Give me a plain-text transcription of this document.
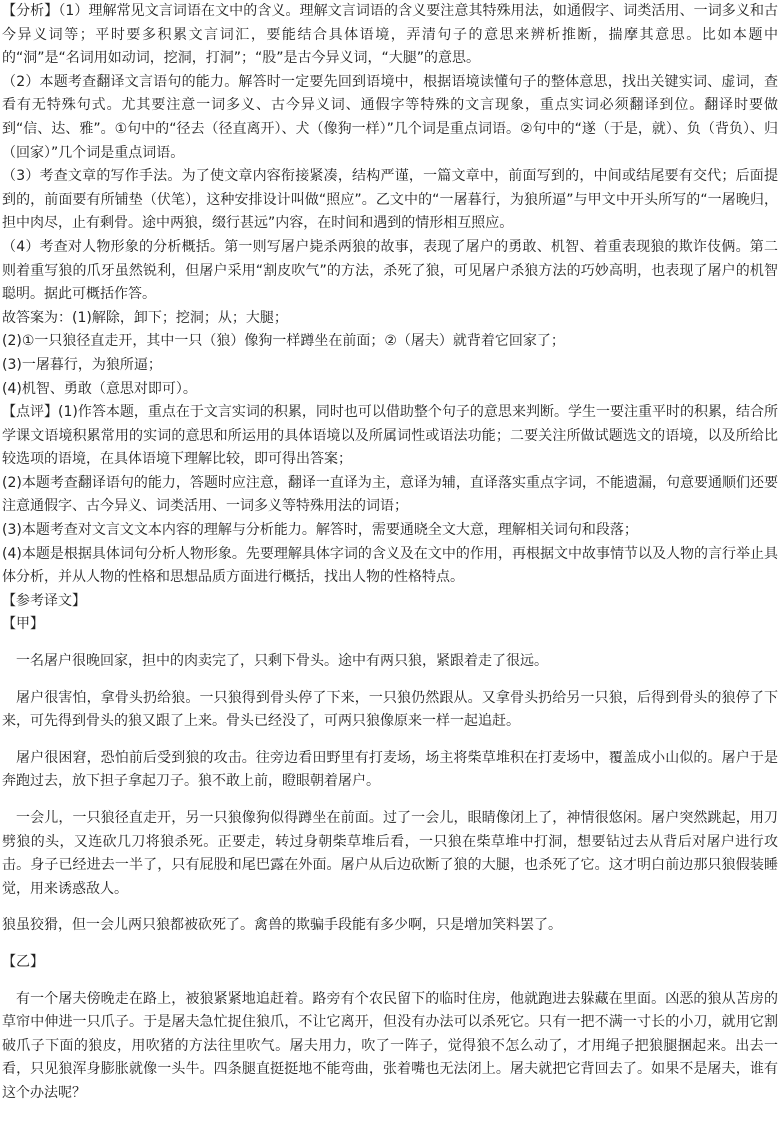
【分析】（1）理解常见文言词语在文中的含义。理解文言词语的含义要注意其特殊用法，如通假字、词类活用、一词多义和古今异义词等；平时要多积累文言词汇，要能结合具体语境，弄清句子的意思来辨析推断，揣摩其意思。比如本题中的“洞”是“名词用如动词，挖洞，打洞”；“股”是古今异义词，“大腿”的意思。

（2）本题考查翻译文言语句的能力。解答时一定要先回到语境中，根据语境读懂句子的整体意思，找出关键实词、虚词，查看有无特殊句式。尤其要注意一词多义、古今异义词、通假字等特殊的文言现象，重点实词必须翻译到位。翻译时要做到“信、达、雅”。①句中的“径去（径直离开）、犬（像狗一样）”几个词是重点词语。②句中的“遂（于是，就）、负（背负）、归（回家）”几个词是重点词语。

（3）考查文章的写作手法。为了使文章内容衔接紧凑，结构严谨，一篇文章中，前面写到的，中间或结尾要有交代；后面提到的，前面要有所铺垫（伏笔），这种安排设计叫做“照应”。乙文中的“一屠暮行，为狼所逼”与甲文中开头所写的“一屠晚归，担中肉尽，止有剩骨。途中两狼，缀行甚远”内容，在时间和遇到的情形相互照应。

（4）考查对人物形象的分析概括。第一则写屠户毙杀两狼的故事，表现了屠户的勇敢、机智、着重表现狼的欺诈伎俩。第二则着重写狼的爪牙虽然锐利，但屠户采用“割皮吹气”的方法，杀死了狼，可见屠户杀狼方法的巧妙高明，也表现了屠户的机智聪明。据此可概括作答。

故答案为：(1)解除，卸下；挖洞；从；大腿；

(2)①一只狼径直走开，其中一只（狼）像狗一样蹲坐在前面；②（屠夫）就背着它回家了；

(3)一屠暮行，为狼所逼；

(4)机智、勇敢（意思对即可）。

【点评】(1)作答本题，重点在于文言实词的积累，同时也可以借助整个句子的意思来判断。学生一要注重平时的积累，结合所学课文语境积累常用的实词的意思和所运用的具体语境以及所属词性或语法功能；二要关注所做试题选文的语境，以及所给比较选项的语境，在具体语境下理解比较，即可得出答案；

(2)本题考查翻译语句的能力，答题时应注意，翻译一直译为主，意译为辅，直译落实重点字词，不能遗漏，句意要通顺们还要注意通假字、古今异义、词类活用、一词多义等特殊用法的词语；

(3)本题考查对文言文文本内容的理解与分析能力。解答时，需要通晓全文大意，理解相关词句和段落；

(4)本题是根据具体词句分析人物形象。先要理解具体字词的含义及在文中的作用，再根据文中故事情节以及人物的言行举止具体分析，并从人物的性格和思想品质方面进行概括，找出人物的性格特点。

【参考译文】

【甲】

一名屠户很晚回家，担中的肉卖完了，只剩下骨头。途中有两只狼，紧跟着走了很远。

屠户很害怕，拿骨头扔给狼。一只狼得到骨头停了下来，一只狼仍然跟从。又拿骨头扔给另一只狼，后得到骨头的狼停了下来，可先得到骨头的狼又跟了上来。骨头已经没了，可两只狼像原来一样一起追赶。

屠户很困窘，恐怕前后受到狼的攻击。往旁边看田野里有打麦场，场主将柴草堆积在打麦场中，覆盖成小山似的。屠户于是奔跑过去，放下担子拿起刀子。狼不敢上前，瞪眼朝着屠户。

一会儿，一只狼径直走开，另一只狼像狗似得蹲坐在前面。过了一会儿，眼睛像闭上了，神情很悠闲。屠户突然跳起，用刀劈狼的头，又连砍几刀将狼杀死。正要走，转过身朝柴草堆后看，一只狼在柴草堆中打洞，想要钻过去从背后对屠户进行攻击。身子已经进去一半了，只有屁股和尾巴露在外面。屠户从后边砍断了狼的大腿，也杀死了它。这才明白前边那只狼假装睡觉，用来诱惑敌人。

狼虽狡猾，但一会儿两只狼都被砍死了。禽兽的欺骗手段能有多少啊，只是增加笑料罢了。

【乙】

有一个屠夫傍晚走在路上，被狼紧紧地追赶着。路旁有个农民留下的临时住房，他就跑进去躲藏在里面。凶恶的狼从苫房的草帘中伸进一只爪子。于是屠夫急忙捉住狼爪，不让它离开，但没有办法可以杀死它。只有一把不满一寸长的小刀，就用它割破爪子下面的狼皮，用吹猪的方法往里吹气。屠夫用力，吹了一阵子，觉得狼不怎么动了，才用绳子把狼腿捆起来。出去一看，只见狼浑身膨胀就像一头牛。四条腿直挺挺地不能弯曲，张着嘴也无法闭上。屠夫就把它背回去了。如果不是屠夫，谁有这个办法呢？
